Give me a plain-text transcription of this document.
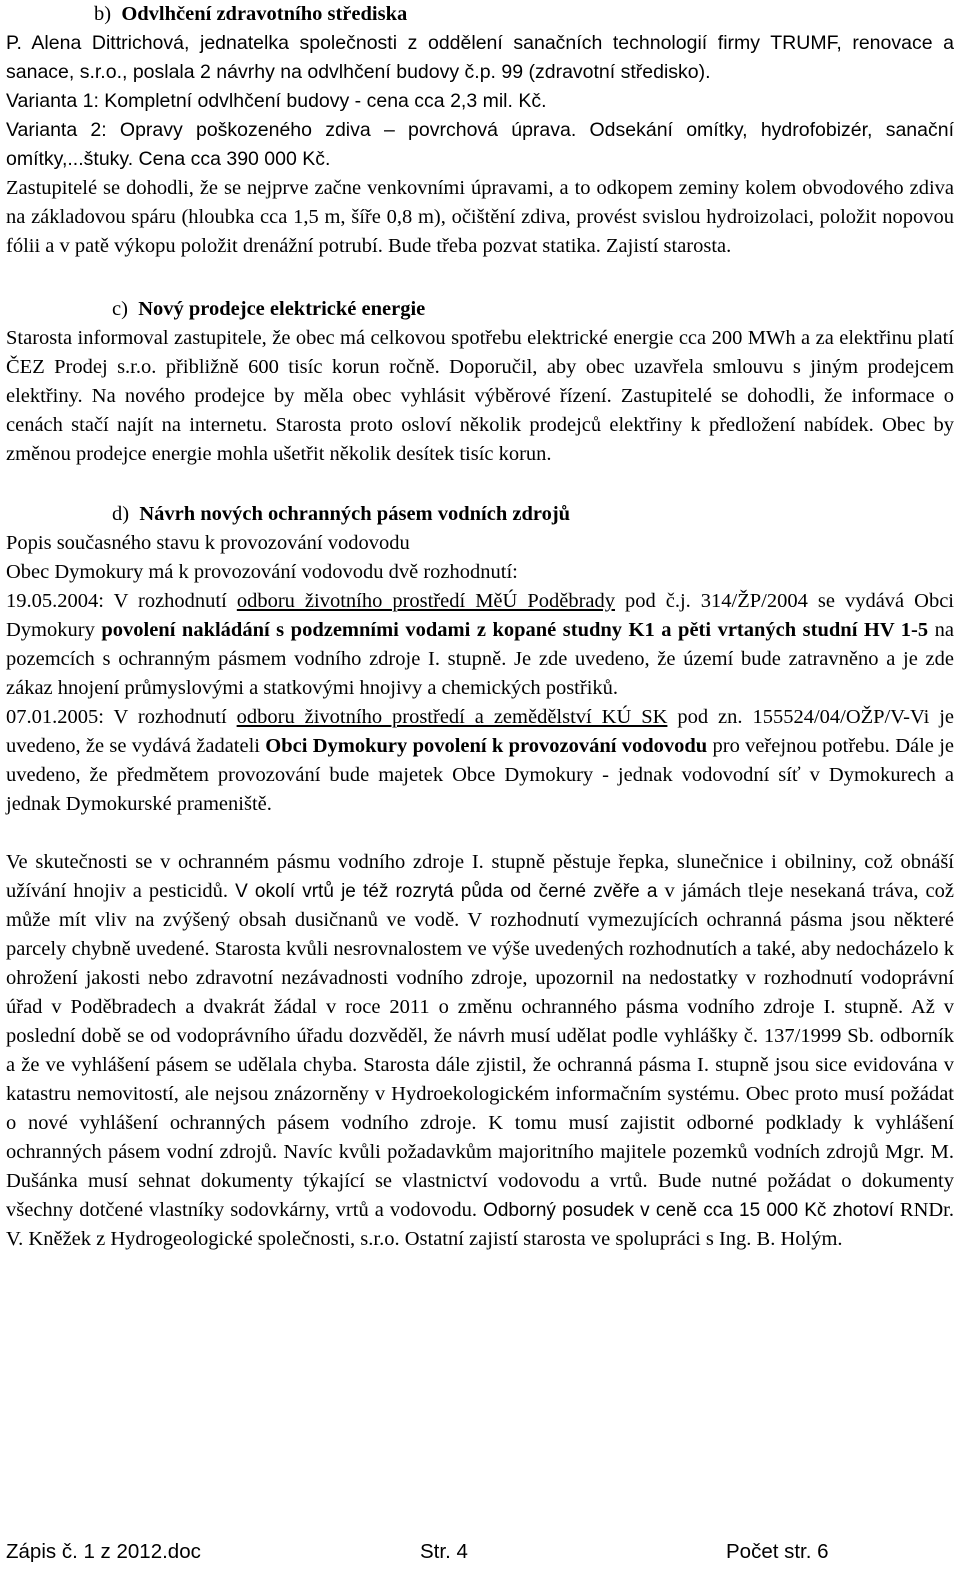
b) Odvlhčení zdravotního střediska

P. Alena Dittrichová, jednatelka společnosti z oddělení sanačních technologií firmy TRUMF, renovace a sanace, s.r.o., poslala 2 návrhy na odvlhčení budovy č.p. 99 (zdravotní středisko).

Varianta 1: Kompletní odvlhčení budovy - cena cca 2,3 mil. Kč.

Varianta 2: Opravy poškozeného zdiva – povrchová úprava. Odsekání omítky, hydrofobizér, sanační omítky,...štuky. Cena cca 390 000 Kč.

Zastupitelé se dohodli, že se nejprve začne venkovními úpravami, a to odkopem zeminy kolem obvodového zdiva na základovou spáru (hloubka cca 1,5 m, šíře 0,8 m), očištění zdiva, provést svislou hydroizolaci, položit nopovou fólii a v patě výkopu položit drenážní potrubí. Bude třeba pozvat statika. Zajistí starosta.

c) Nový prodejce elektrické energie

Starosta informoval zastupitele, že obec má celkovou spotřebu elektrické energie cca 200 MWh a za elektřinu platí ČEZ Prodej s.r.o. přibližně 600 tisíc korun ročně. Doporučil, aby obec uzavřela smlouvu s jiným prodejcem elektřiny. Na nového prodejce by měla obec vyhlásit výběrové řízení. Zastupitelé se dohodli, že informace o cenách stačí najít na internetu. Starosta proto osloví několik prodejců elektřiny k předložení nabídek. Obec by změnou prodejce energie mohla ušetřit několik desítek tisíc korun.

d) Návrh nových ochranných pásem vodních zdrojů

Popis současného stavu k provozování vodovodu

Obec Dymokury má k provozování vodovodu dvě rozhodnutí:

19.05.2004: V rozhodnutí odboru životního prostředí MěÚ Poděbrady pod č.j. 314/ŽP/2004 se vydává Obci Dymokury povolení nakládání s podzemními vodami z kopané studny K1 a pěti vrtaných studní HV 1-5 na pozemcích s ochranným pásmem vodního zdroje I. stupně. Je zde uvedeno, že území bude zatravněno a je zde zákaz hnojení průmyslovými a statkovými hnojivy a chemických postřiků.

07.01.2005: V rozhodnutí odboru životního prostředí a zemědělství KÚ SK pod zn. 155524/04/OŽP/V-Vi je uvedeno, že se vydává žadateli Obci Dymokury povolení k provozování vodovodu pro veřejnou potřebu. Dále je uvedeno, že předmětem provozování bude majetek Obce Dymokury - jednak vodovodní síť v Dymokurech a jednak Dymokurské prameniště.

Ve skutečnosti se v ochranném pásmu vodního zdroje I. stupně pěstuje řepka, slunečnice i obilniny, což obnáší užívání hnojiv a pesticidů. V okolí vrtů je též rozrytá půda od černé zvěře a v jámách tleje nesekaná tráva, což může mít vliv na zvýšený obsah dusičnanů ve vodě. V rozhodnutí vymezujících ochranná pásma jsou některé parcely chybně uvedené. Starosta kvůli nesrovnalostem ve výše uvedených rozhodnutích a také, aby nedocházelo k ohrožení jakosti nebo zdravotní nezávadnosti vodního zdroje, upozornil na nedostatky v rozhodnutí vodoprávní úřad v Poděbradech a dvakrát žádal v roce 2011 o změnu ochranného pásma vodního zdroje I. stupně. Až v poslední době se od vodoprávního úřadu dozvěděl, že návrh musí udělat podle vyhlášky č. 137/1999 Sb. odborník a že ve vyhlášení pásem se udělala chyba. Starosta dále zjistil, že ochranná pásma I. stupně jsou sice evidována v katastru nemovitostí, ale nejsou znázorněny v Hydroekologickém informačním systému. Obec proto musí požádat o nové vyhlášení ochranných pásem vodního zdroje. K tomu musí zajistit odborné podklady k vyhlášení ochranných pásem vodní zdrojů. Navíc kvůli požadavkům majoritního majitele pozemků vodních zdrojů Mgr. M. Dušánka musí sehnat dokumenty týkající se vlastnictví vodovodu a vrtů. Bude nutné požádat o dokumenty všechny dotčené vlastníky sodovkárny, vrtů a vodovodu. Odborný posudek v ceně cca 15 000 Kč zhotoví RNDr. V. Kněžek z Hydrogeologické společnosti, s.r.o. Ostatní zajistí starosta ve spolupráci s Ing. B. Holým.

Zápis č. 1 z 2012.doc	Str. 4	Počet str. 6
